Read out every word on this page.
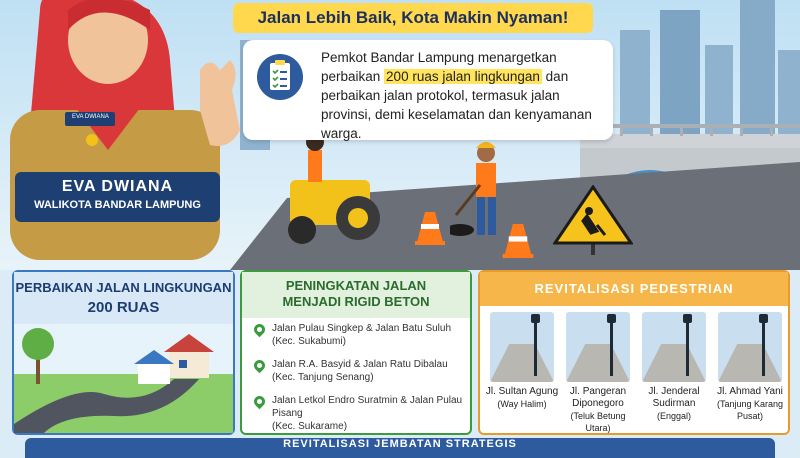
Jalan Lebih Baik, Kota Makin Nyaman!
Pemkot Bandar Lampung menargetkan perbaikan 200 ruas jalan lingkungan dan perbaikan jalan protokol, termasuk jalan provinsi, demi keselamatan dan kenyamanan warga.
EVA DWIANA
EVA DWIANA
WALIKOTA BANDAR LAMPUNG
PERBAIKAN JALAN LINGKUNGAN
200 RUAS
PENINGKATAN JALAN
MENJADI RIGID BETON
Jalan Pulau Singkep & Jalan Batu Suluh
(Kec. Sukabumi)
Jalan R.A. Basyid & Jalan Ratu Dibalau
(Kec. Tanjung Senang)
Jalan Letkol Endro Suratmin & Jalan Pulau Pisang
(Kec. Sukarame)
REVITALISASI PEDESTRIAN
Jl. Sultan Agung
(Way Halim)
Jl. Pangeran Diponegoro
(Teluk Betung Utara)
Jl. Jenderal Sudirman
(Enggal)
Jl. Ahmad Yani
(Tanjung Karang Pusat)
REVITALISASI JEMBATAN STRATEGIS
